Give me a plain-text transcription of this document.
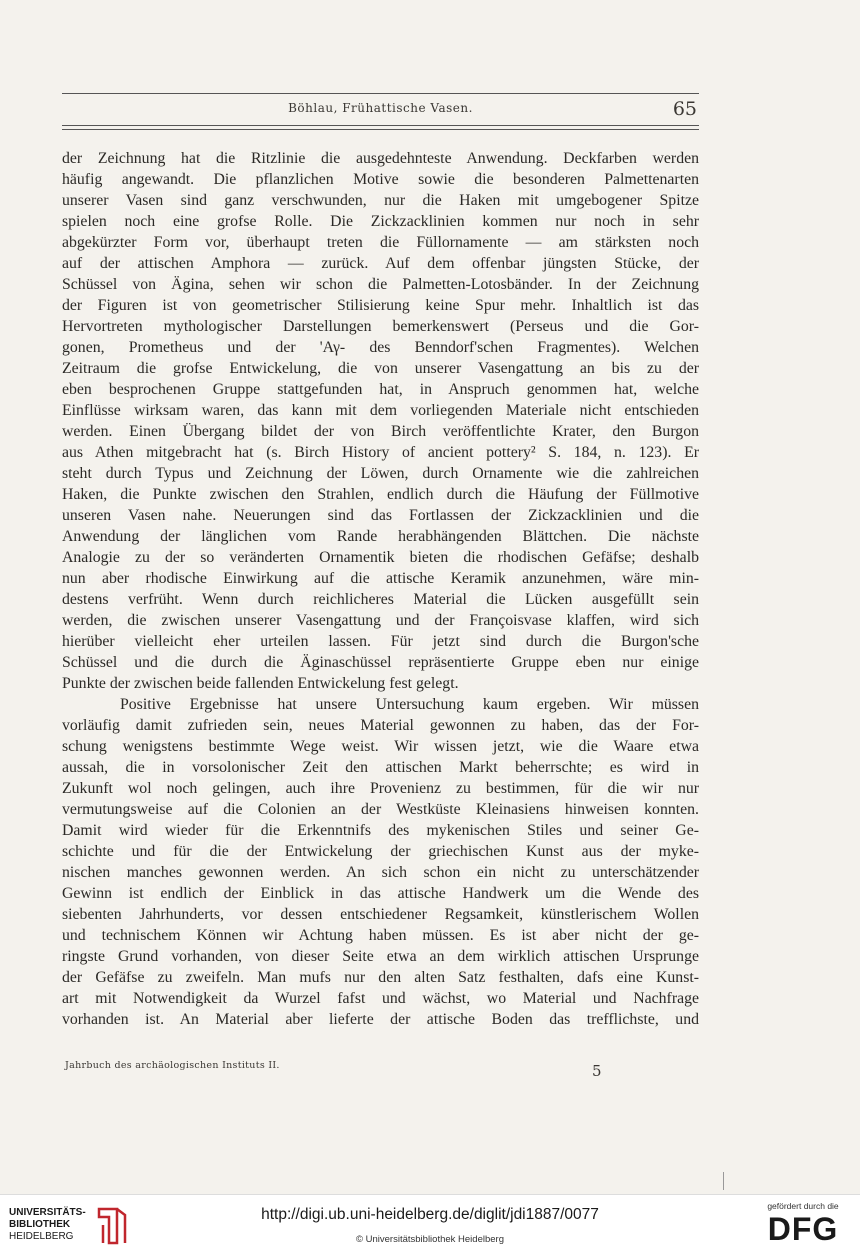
Böhlau, Frühattische Vasen.	65
der Zeichnung hat die Ritzlinie die ausgedehnteste Anwendung. Deckfarben werden
häufig angewandt. Die pflanzlichen Motive sowie die besonderen Palmettenarten
unserer Vasen sind ganz verschwunden, nur die Haken mit umgebogener Spitze
spielen noch eine grofse Rolle. Die Zickzacklinien kommen nur noch in sehr
abgekürzter Form vor, überhaupt treten die Füllornamente — am stärksten noch
auf der attischen Amphora — zurück. Auf dem offenbar jüngsten Stücke, der
Schüssel von Ägina, sehen wir schon die Palmetten-Lotosbänder. In der Zeichnung
der Figuren ist von geometrischer Stilisierung keine Spur mehr. Inhaltlich ist das
Hervortreten mythologischer Darstellungen bemerkenswert (Perseus und die Gor-
gonen, Prometheus und der 'Αγ- des Benndorf'schen Fragmentes). Welchen
Zeitraum die grofse Entwickelung, die von unserer Vasengattung an bis zu der
eben besprochenen Gruppe stattgefunden hat, in Anspruch genommen hat, welche
Einflüsse wirksam waren, das kann mit dem vorliegenden Materiale nicht entschieden
werden. Einen Übergang bildet der von Birch veröffentlichte Krater, den Burgon
aus Athen mitgebracht hat (s. Birch History of ancient pottery² S. 184, n. 123). Er
steht durch Typus und Zeichnung der Löwen, durch Ornamente wie die zahlreichen
Haken, die Punkte zwischen den Strahlen, endlich durch die Häufung der Füllmotive
unseren Vasen nahe. Neuerungen sind das Fortlassen der Zickzacklinien und die
Anwendung der länglichen vom Rande herabhängenden Blättchen. Die nächste
Analogie zu der so veränderten Ornamentik bieten die rhodischen Gefäfse; deshalb
nun aber rhodische Einwirkung auf die attische Keramik anzunehmen, wäre min-
destens verfrüht. Wenn durch reichlicheres Material die Lücken ausgefüllt sein
werden, die zwischen unserer Vasengattung und der Françoisvase klaffen, wird sich
hierüber vielleicht eher urteilen lassen. Für jetzt sind durch die Burgon'sche
Schüssel und die durch die Äginaschüssel repräsentierte Gruppe eben nur einige
Punkte der zwischen beide fallenden Entwickelung fest gelegt.
Positive Ergebnisse hat unsere Untersuchung kaum ergeben. Wir müssen
vorläufig damit zufrieden sein, neues Material gewonnen zu haben, das der For-
schung wenigstens bestimmte Wege weist. Wir wissen jetzt, wie die Waare etwa
aussah, die in vorsolonischer Zeit den attischen Markt beherrschte; es wird in
Zukunft wol noch gelingen, auch ihre Provenienz zu bestimmen, für die wir nur
vermutungsweise auf die Colonien an der Westküste Kleinasiens hinweisen konnten.
Damit wird wieder für die Erkenntnifs des mykenischen Stiles und seiner Ge-
schichte und für die der Entwickelung der griechischen Kunst aus der myke-
nischen manches gewonnen werden. An sich schon ein nicht zu unterschätzender
Gewinn ist endlich der Einblick in das attische Handwerk um die Wende des
siebenten Jahrhunderts, vor dessen entschiedener Regsamkeit, künstlerischem Wollen
und technischem Können wir Achtung haben müssen. Es ist aber nicht der ge-
ringste Grund vorhanden, von dieser Seite etwa an dem wirklich attischen Ursprunge
der Gefäfse zu zweifeln. Man mufs nur den alten Satz festhalten, dafs eine Kunst-
art mit Notwendigkeit da Wurzel fafst und wächst, wo Material und Nachfrage
vorhanden ist. An Material aber lieferte der attische Boden das trefflichste, und
Jahrbuch des archäologischen Instituts II.	5
UNIVERSITÄTS-
BIBLIOTHEK
HEIDELBERG
http://digi.ub.uni-heidelberg.de/diglit/jdi1887/0077
© Universitätsbibliothek Heidelberg
gefördert durch die
DFG
